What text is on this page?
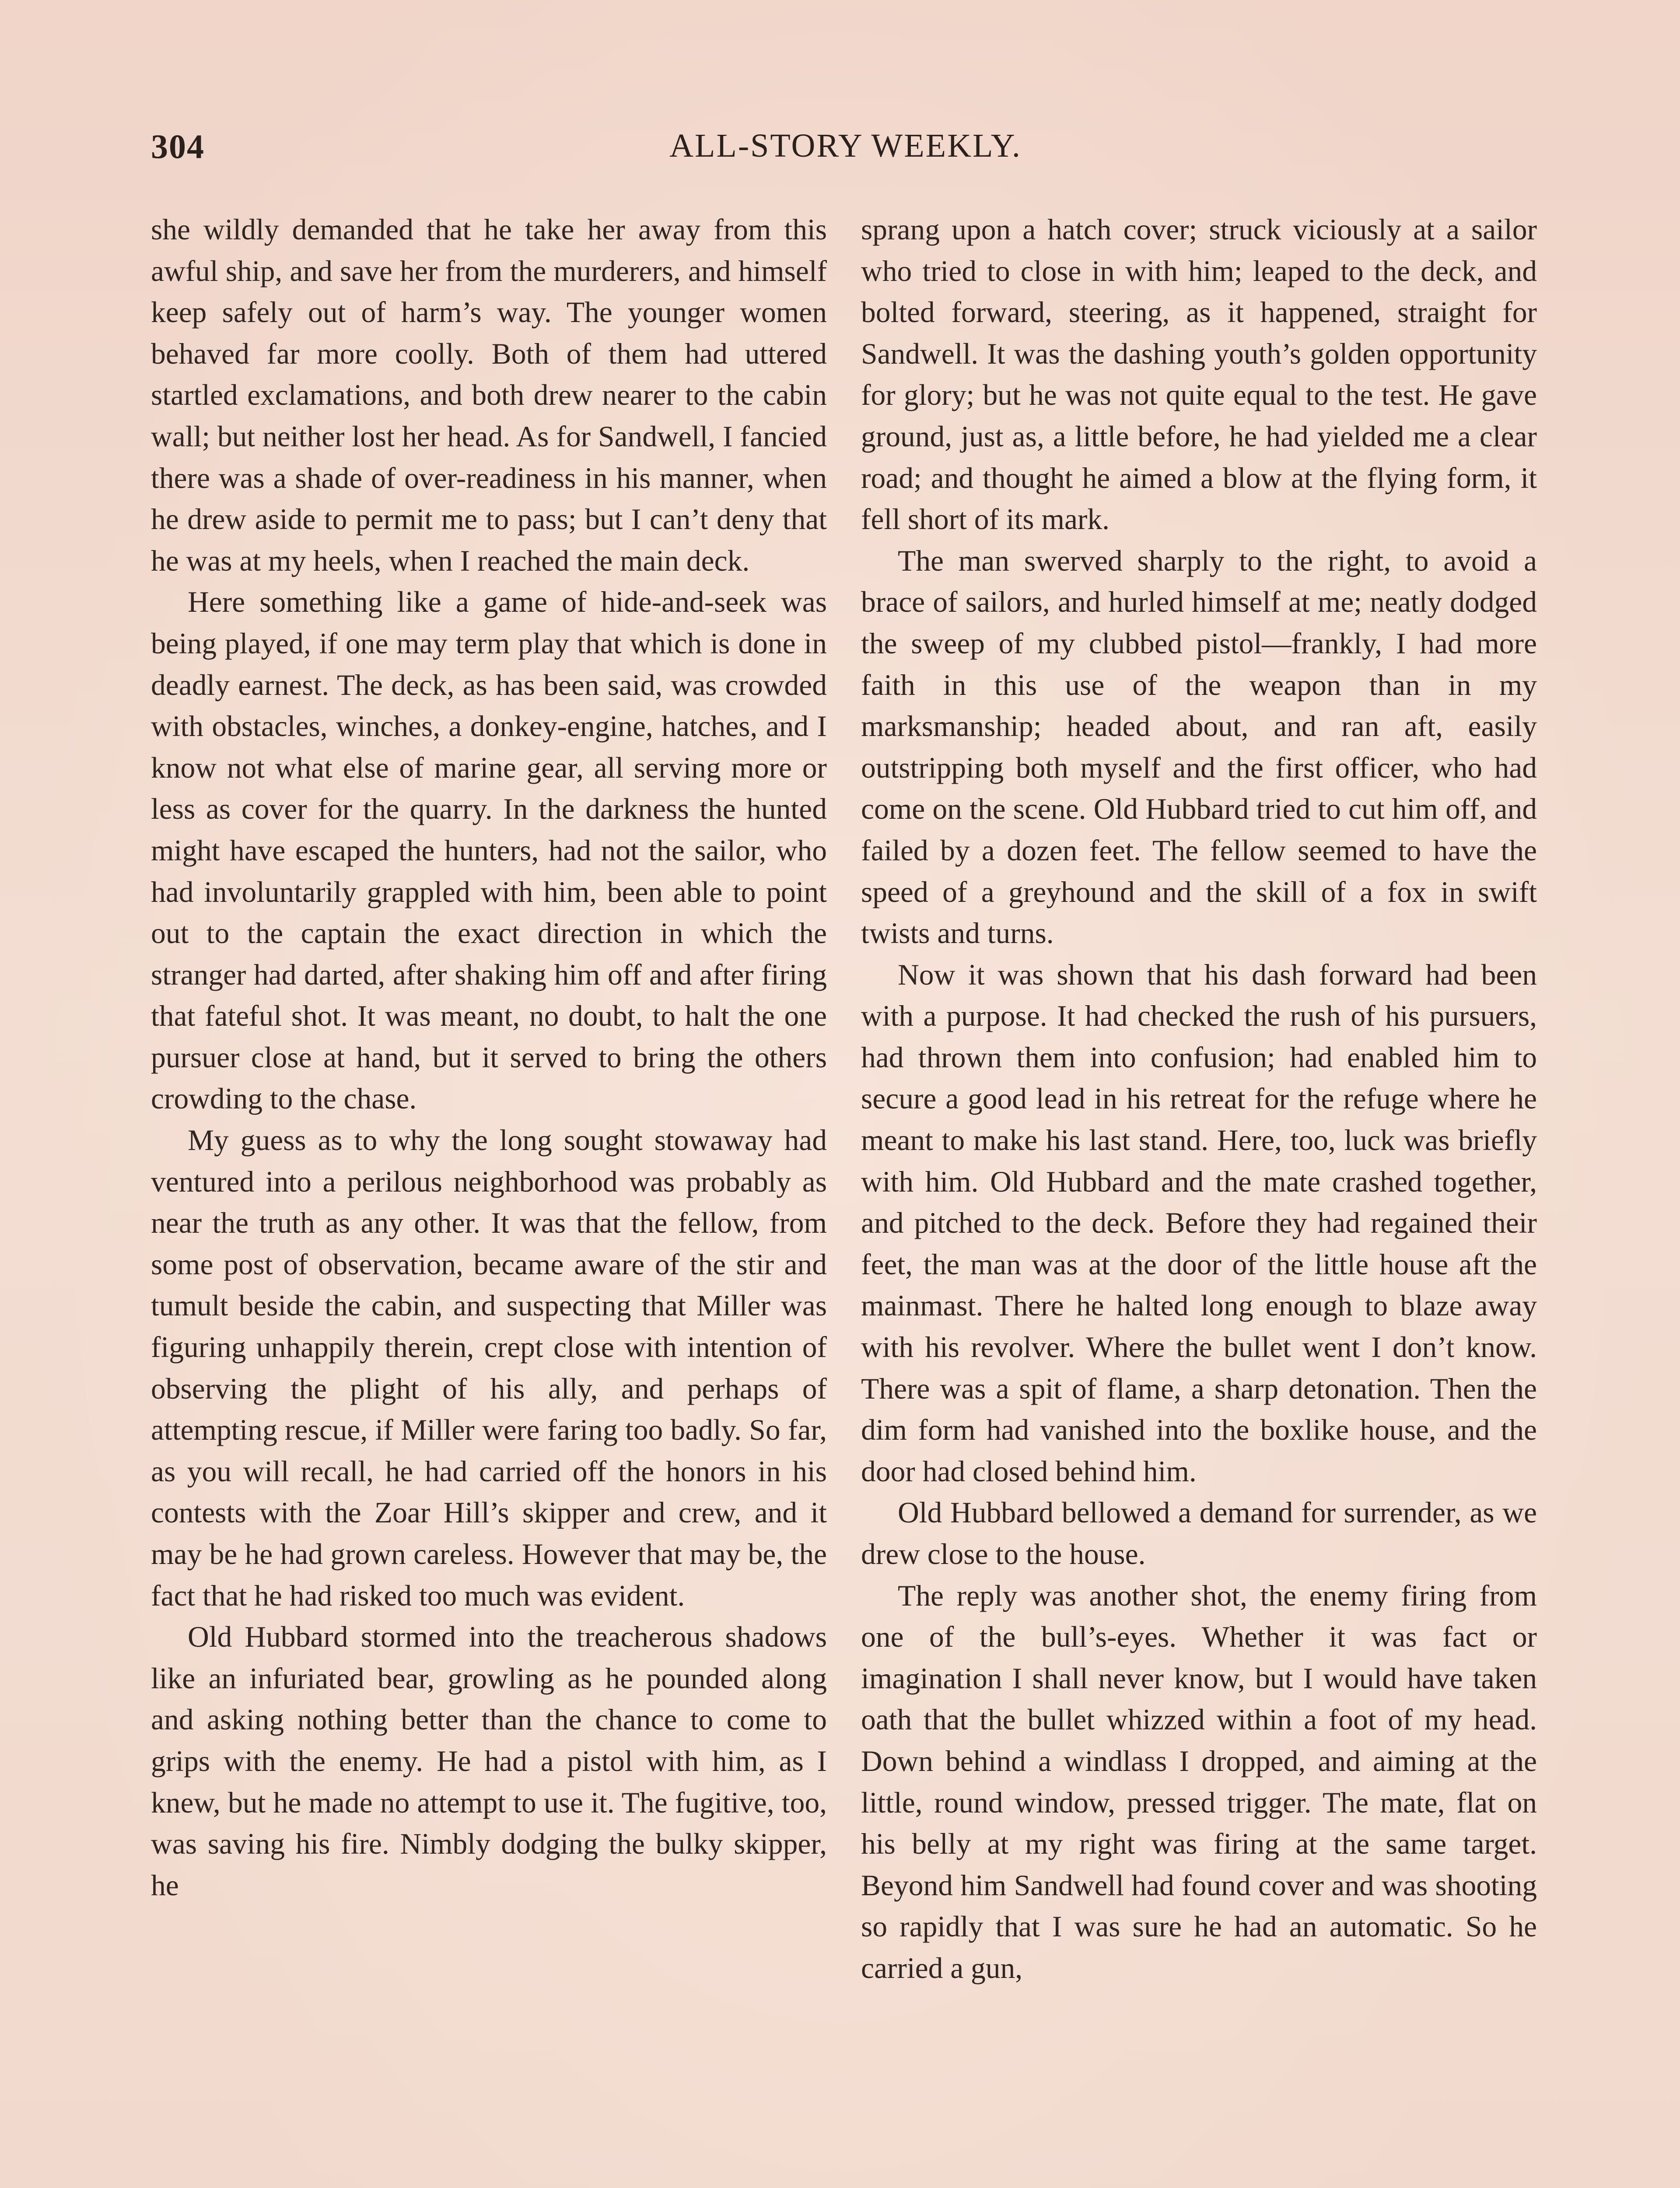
304	ALL-STORY WEEKLY.

she wildly demanded that he take her away from this awful ship, and save her from the murderers, and himself keep safely out of harm’s way. The younger women behaved far more coolly. Both of them had uttered startled exclamations, and both drew nearer to the cabin wall; but neither lost her head. As for Sandwell, I fancied there was a shade of over-readiness in his manner, when he drew aside to permit me to pass; but I can’t deny that he was at my heels, when I reached the main deck.

Here something like a game of hide-and-seek was being played, if one may term play that which is done in deadly earnest. The deck, as has been said, was crowded with obstacles, winches, a donkey-engine, hatches, and I know not what else of marine gear, all serving more or less as cover for the quarry. In the darkness the hunted might have escaped the hunters, had not the sailor, who had involuntarily grappled with him, been able to point out to the captain the exact direction in which the stranger had darted, after shaking him off and after firing that fateful shot. It was meant, no doubt, to halt the one pursuer close at hand, but it served to bring the others crowding to the chase.

My guess as to why the long sought stowaway had ventured into a perilous neighborhood was probably as near the truth as any other. It was that the fellow, from some post of observation, became aware of the stir and tumult beside the cabin, and suspecting that Miller was figuring unhappily therein, crept close with intention of observing the plight of his ally, and perhaps of attempting rescue, if Miller were faring too badly. So far, as you will recall, he had carried off the honors in his contests with the Zoar Hill’s skipper and crew, and it may be he had grown careless. However that may be, the fact that he had risked too much was evident.

Old Hubbard stormed into the treacherous shadows like an infuriated bear, growling as he pounded along and asking nothing better than the chance to come to grips with the enemy. He had a pistol with him, as I knew, but he made no attempt to use it. The fugitive, too, was saving his fire. Nimbly dodging the bulky skipper, he

sprang upon a hatch cover; struck viciously at a sailor who tried to close in with him; leaped to the deck, and bolted forward, steering, as it happened, straight for Sandwell. It was the dashing youth’s golden opportunity for glory; but he was not quite equal to the test. He gave ground, just as, a little before, he had yielded me a clear road; and thought he aimed a blow at the flying form, it fell short of its mark.

The man swerved sharply to the right, to avoid a brace of sailors, and hurled himself at me; neatly dodged the sweep of my clubbed pistol—frankly, I had more faith in this use of the weapon than in my marksmanship; headed about, and ran aft, easily outstripping both myself and the first officer, who had come on the scene. Old Hubbard tried to cut him off, and failed by a dozen feet. The fellow seemed to have the speed of a greyhound and the skill of a fox in swift twists and turns.

Now it was shown that his dash forward had been with a purpose. It had checked the rush of his pursuers, had thrown them into confusion; had enabled him to secure a good lead in his retreat for the refuge where he meant to make his last stand. Here, too, luck was briefly with him. Old Hubbard and the mate crashed together, and pitched to the deck. Before they had regained their feet, the man was at the door of the little house aft the mainmast. There he halted long enough to blaze away with his revolver. Where the bullet went I don’t know. There was a spit of flame, a sharp detonation. Then the dim form had vanished into the boxlike house, and the door had closed behind him.

Old Hubbard bellowed a demand for surrender, as we drew close to the house.

The reply was another shot, the enemy firing from one of the bull’s-eyes. Whether it was fact or imagination I shall never know, but I would have taken oath that the bullet whizzed within a foot of my head. Down behind a windlass I dropped, and aiming at the little, round window, pressed trigger. The mate, flat on his belly at my right was firing at the same target. Beyond him Sandwell had found cover and was shooting so rapidly that I was sure he had an automatic. So he carried a gun,
